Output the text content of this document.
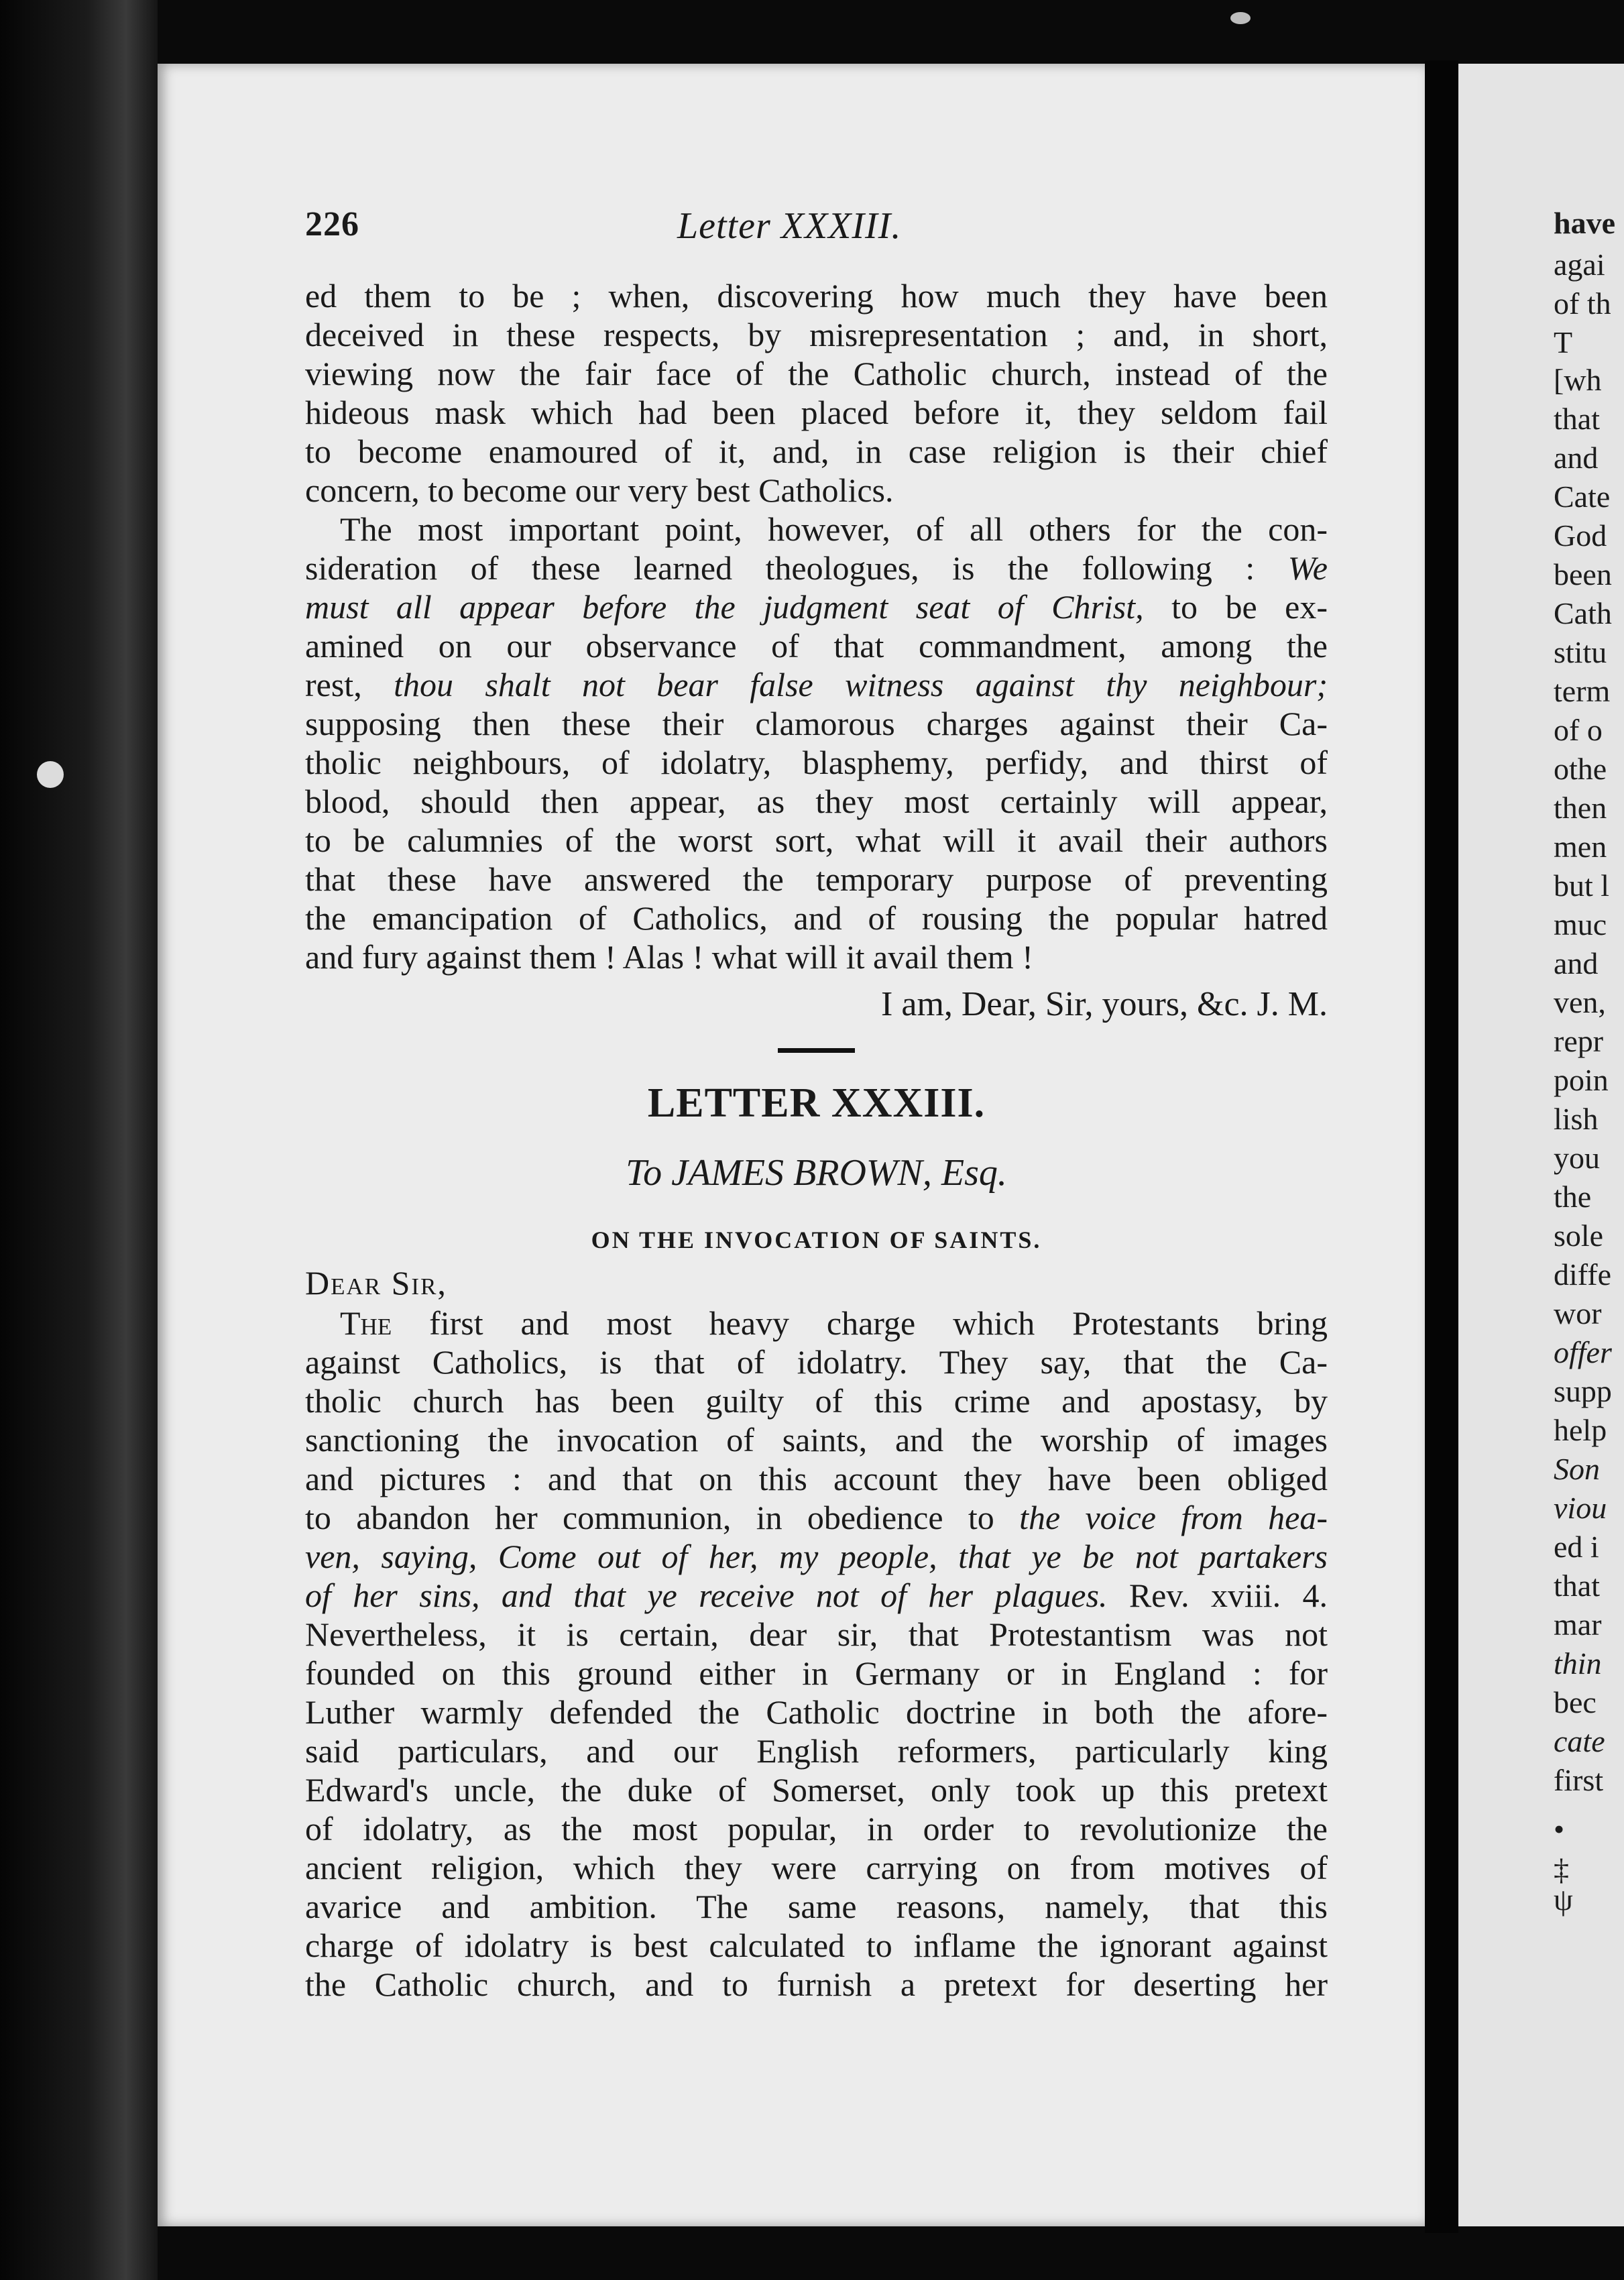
have
agai
of th
T
[wh
that
and
Cate
God
been
Cath
stitu
term
of o
othe
then
men
but l
muc
and
ven,
repr
poin
lish
you
the
sole
diffe
wor
offer
supp
help
Son
viou
ed i
that
mar
thin
bec
cate
first
•
‡
ψ
226	Letter XXXIII.
ed them to be ; when, discovering how much they have been
deceived in these respects, by misrepresentation ; and, in short,
viewing now the fair face of the Catholic church, instead of the
hideous mask which had been placed before it, they seldom fail
to become enamoured of it, and, in case religion is their chief
concern, to become our very best Catholics.
The most important point, however, of all others for the con-
sideration of these learned theologues, is the following : We
must all appear before the judgment seat of Christ, to be ex-
amined on our observance of that commandment, among the
rest, thou shalt not bear false witness against thy neighbour;
supposing then these their clamorous charges against their Ca-
tholic neighbours, of idolatry, blasphemy, perfidy, and thirst of
blood, should then appear, as they most certainly will appear,
to be calumnies of the worst sort, what will it avail their authors
that these have answered the temporary purpose of preventing
the emancipation of Catholics, and of rousing the popular hatred
and fury against them ! Alas ! what will it avail them !
I am, Dear, Sir, yours, &c. J. M.
LETTER XXXIII.
To JAMES BROWN, Esq.
ON THE INVOCATION OF SAINTS.
Dear Sir,
The first and most heavy charge which Protestants bring
against Catholics, is that of idolatry. They say, that the Ca-
tholic church has been guilty of this crime and apostasy, by
sanctioning the invocation of saints, and the worship of images
and pictures : and that on this account they have been obliged
to abandon her communion, in obedience to the voice from hea-
ven, saying, Come out of her, my people, that ye be not partakers
of her sins, and that ye receive not of her plagues. Rev. xviii. 4.
Nevertheless, it is certain, dear sir, that Protestantism was not
founded on this ground either in Germany or in England : for
Luther warmly defended the Catholic doctrine in both the afore-
said particulars, and our English reformers, particularly king
Edward's uncle, the duke of Somerset, only took up this pretext
of idolatry, as the most popular, in order to revolutionize the
ancient religion, which they were carrying on from motives of
avarice and ambition. The same reasons, namely, that this
charge of idolatry is best calculated to inflame the ignorant against
the Catholic church, and to furnish a pretext for deserting her
